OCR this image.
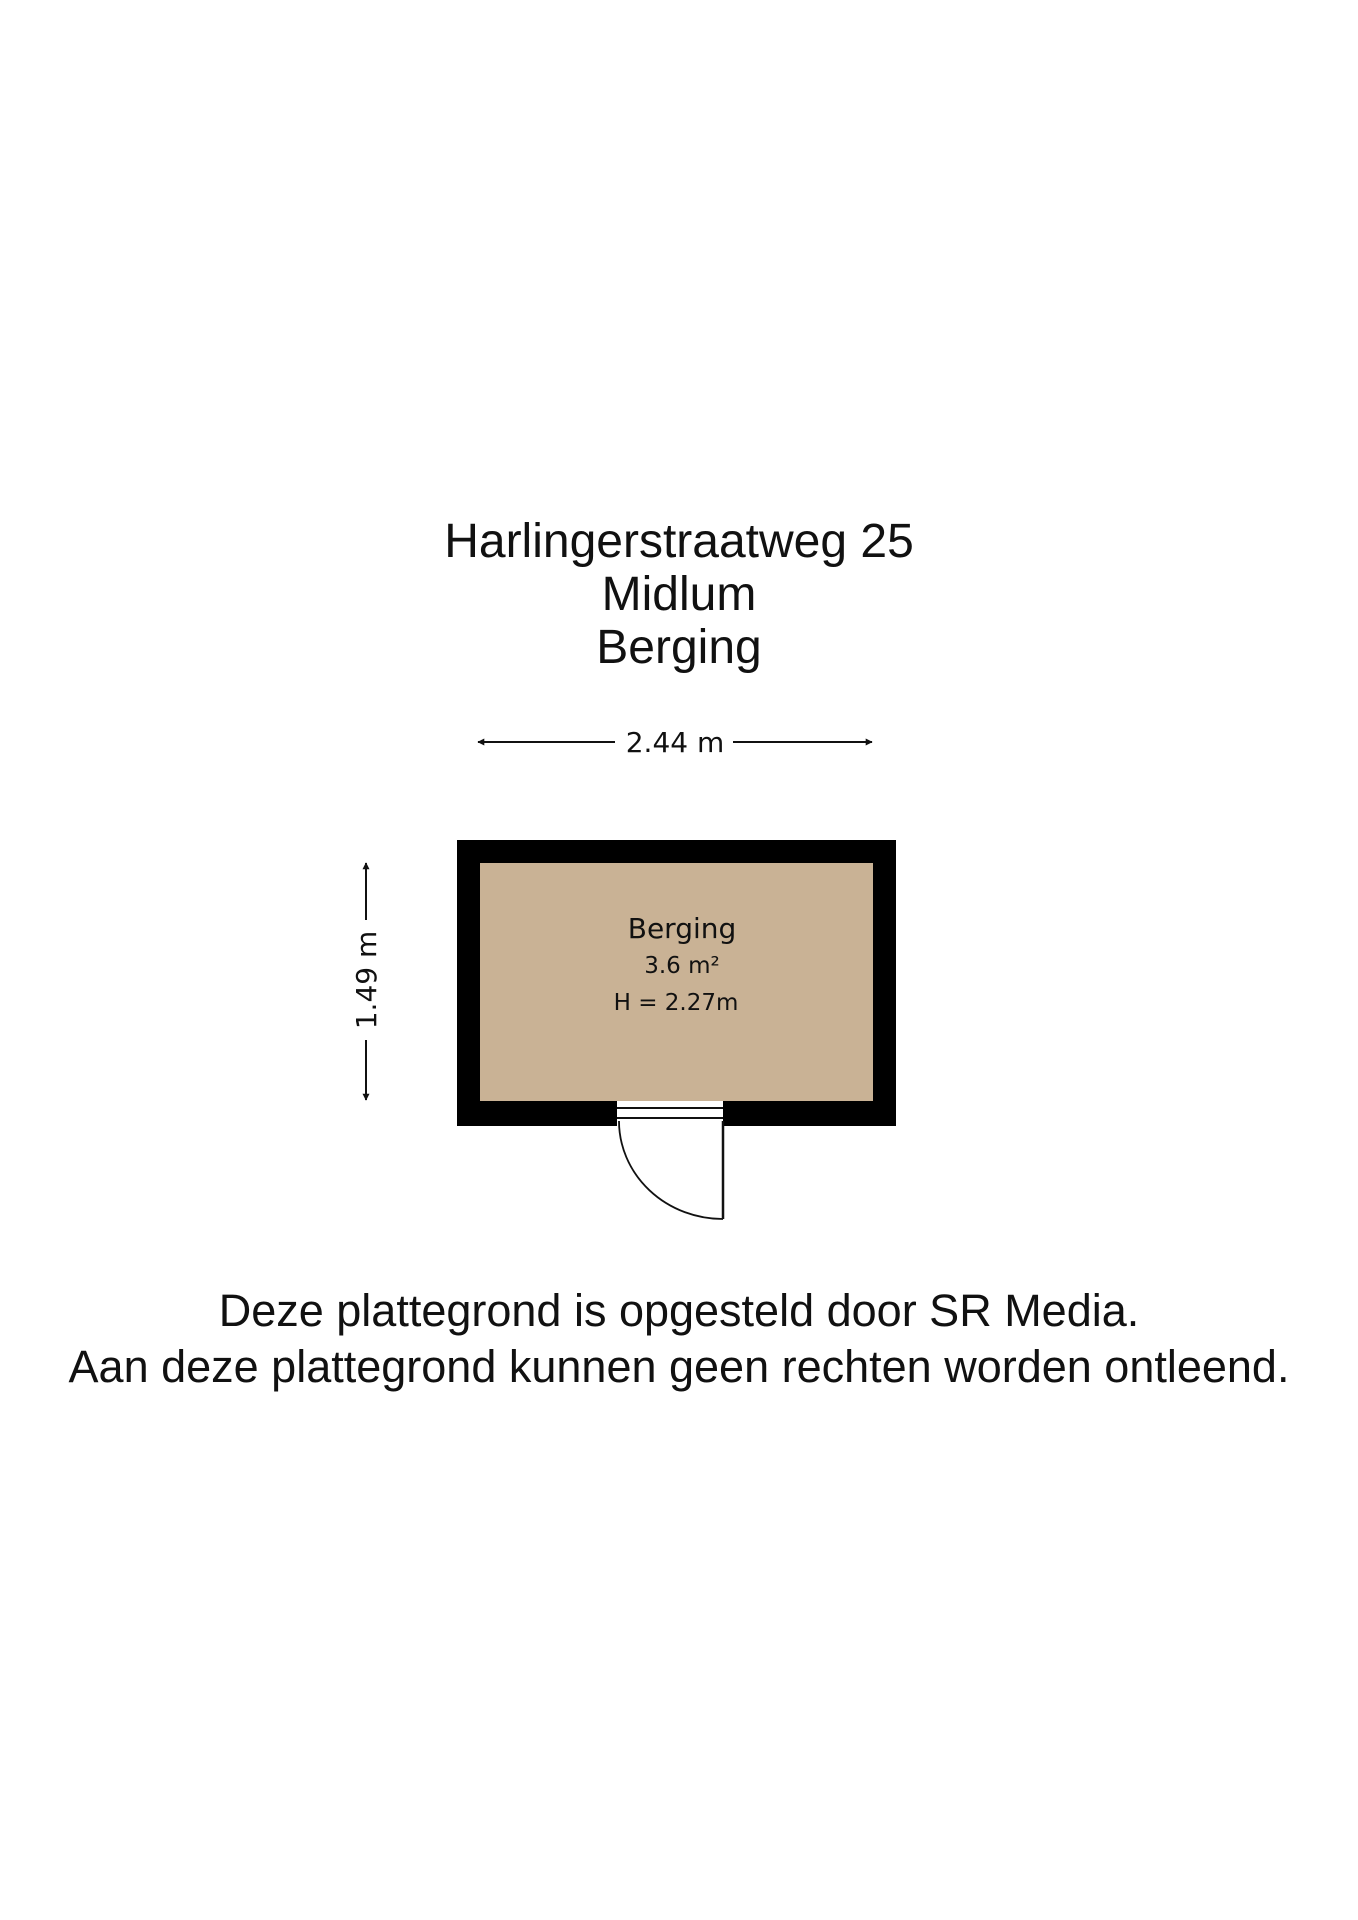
Harlingerstraatweg 25
Midlum
Berging
2.44 m
1.49 m
Berging
3.6 m²
H = 2.27m
Deze plattegrond is opgesteld door SR Media.
Aan deze plattegrond kunnen geen rechten worden ontleend.
